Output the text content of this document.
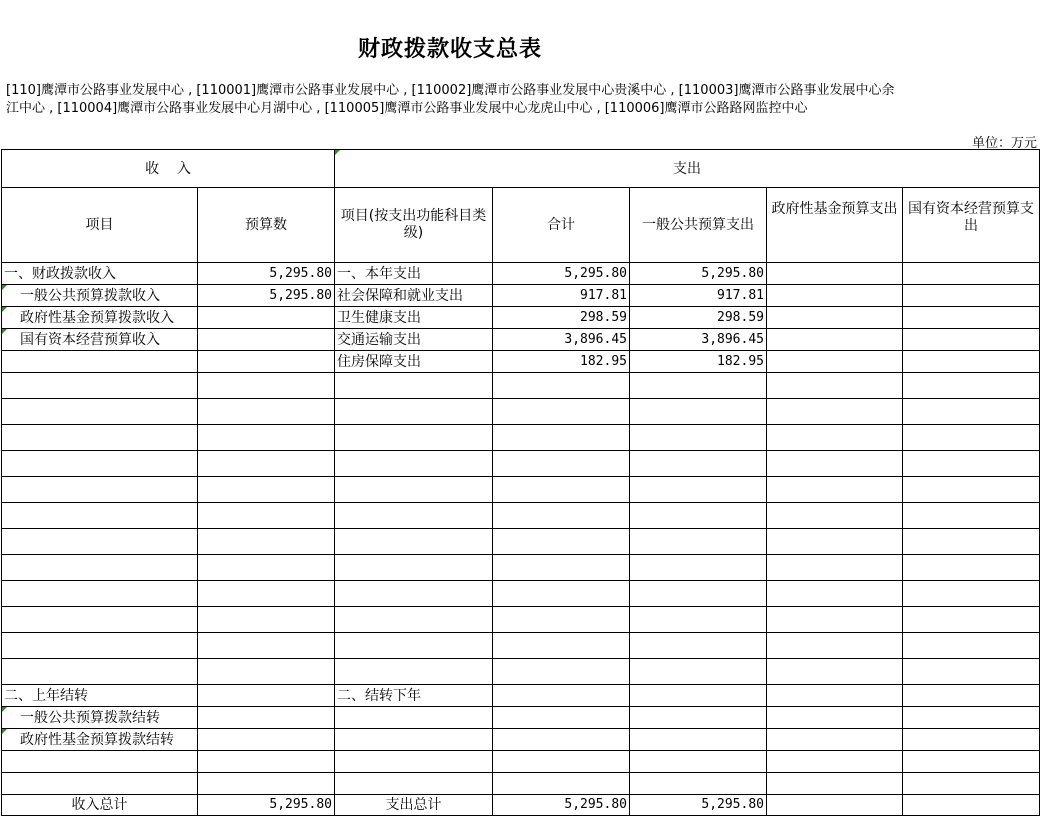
财政拨款收支总表
[110]鹰潭市公路事业发展中心 , [110001]鹰潭市公路事业发展中心 , [110002]鹰潭市公路事业发展中心贵溪中心 , [110003]鹰潭市公路事业发展中心余江中心 , [110004]鹰潭市公路事业发展中心月湖中心 , [110005]鹰潭市公路事业发展中心龙虎山中心 , [110006]鹰潭市公路路网监控中心
单位：万元
收    入		支出				
项目	预算数	项目(按支出功能科目类级)	合计	一般公共预算支出	政府性基金预算支出	国有资本经营预算支出
一、财政拨款收入	5,295.80	一、本年支出	5,295.80	5,295.80		
一般公共预算拨款收入	5,295.80	社会保障和就业支出	917.81	917.81		
政府性基金预算拨款收入		卫生健康支出	298.59	298.59		
国有资本经营预算收入		交通运输支出	3,896.45	3,896.45		
		住房保障支出	182.95	182.95		

二、上年结转		二、结转下年				
一般公共预算拨款结转						
政府性基金预算拨款结转						

收入总计	5,295.80	支出总计	5,295.80	5,295.80		
